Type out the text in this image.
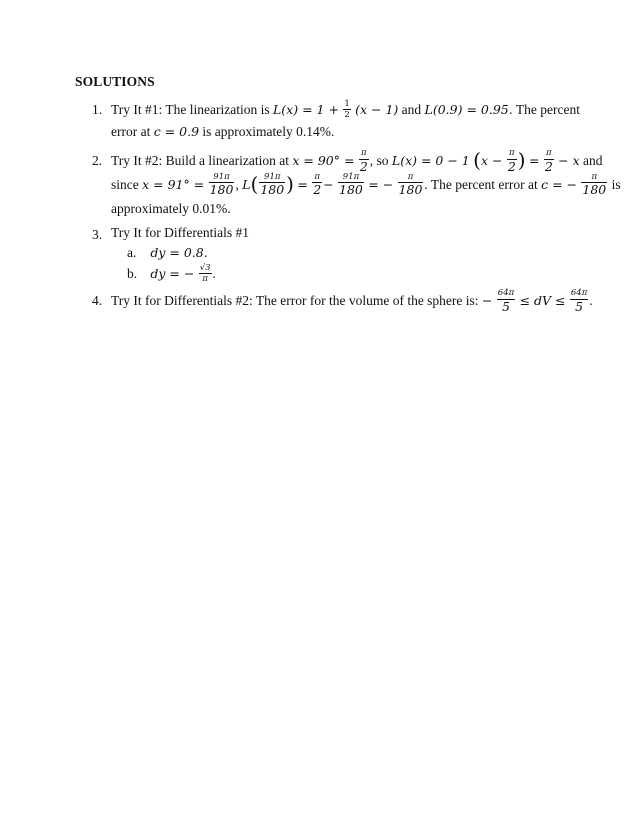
SOLUTIONS
1. Try It #1: The linearization is $L(x) = 1 + \frac{1}{2} (x - 1)$ and L(0.9) = 0.95. The percent
error at c = 0.9 is approximately 0.14%.
2. Try It #2: Build a linearization at $x = 90^\circ = \frac{\pi}{2}$ , so L(x) = 0 − 1 ($x - \frac{\pi}{2}$ ) = $\frac{\pi}{2} - x$ and
since $x = 91^\circ = \frac{91\pi}{180}$ , $L( \frac{91\pi}{180}$ ) = $\frac{\pi}{2} - \frac{91\pi}{180}$ = − $\frac{\pi}{180}$ . The percent error at c = − $\frac{\pi}{180}$ is
approximately 0.01%.
3. Try It for Differentials #1
a. dy = 0.8.
b. dy = − $\frac{√3}{\pi}$ .
4. Try It for Differentials #2: The error for the volume of the sphere is: − $\frac{64\pi}{5}$ ≤ dV ≤ $\frac{64\pi}{5}$ .
